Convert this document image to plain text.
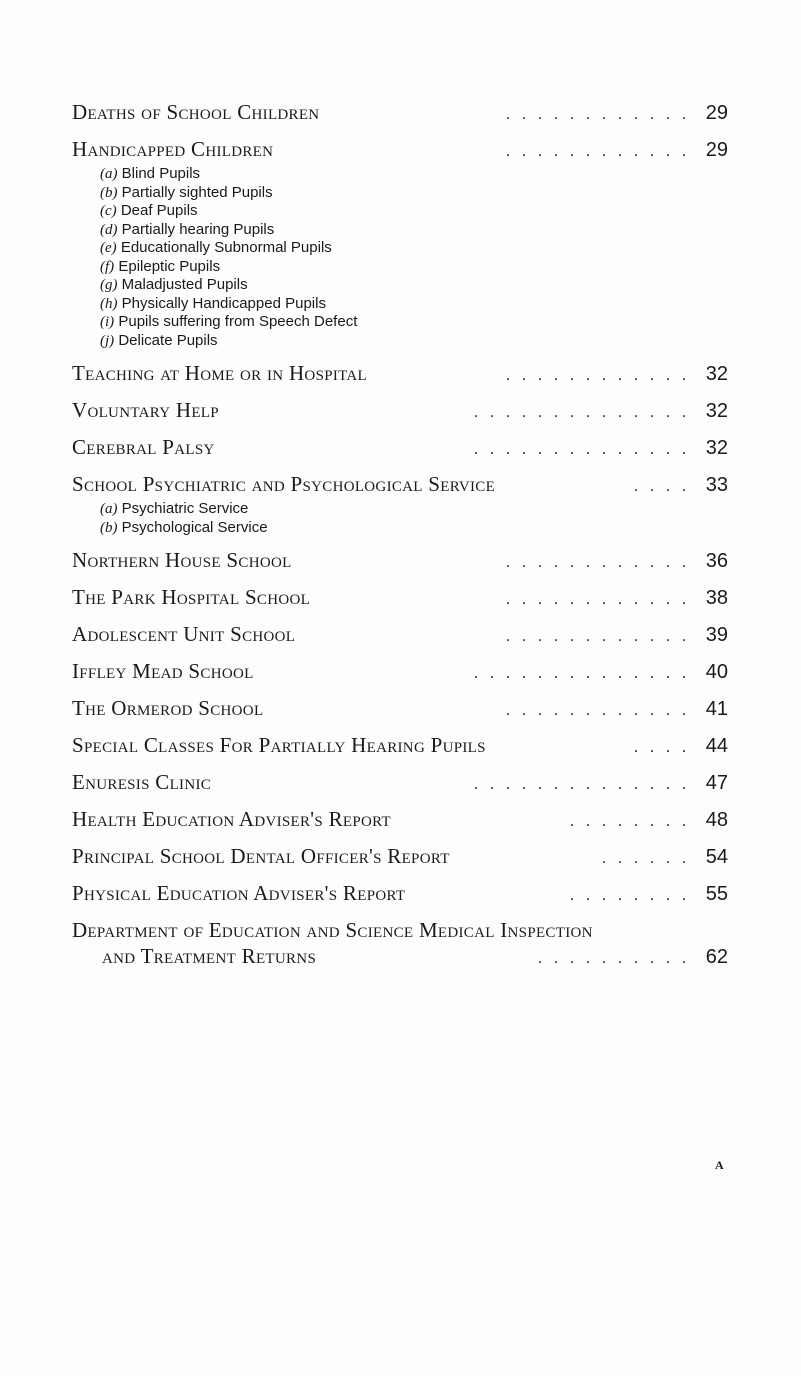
Deaths of School Children	. . . . . . . . . . . . 29
Handicapped Children	. . . . . . . . . . . . 29
(a) Blind Pupils
(b) Partially sighted Pupils
(c) Deaf Pupils
(d) Partially hearing Pupils
(e) Educationally Subnormal Pupils
(f) Epileptic Pupils
(g) Maladjusted Pupils
(h) Physically Handicapped Pupils
(i) Pupils suffering from Speech Defect
(j) Delicate Pupils
Teaching at Home or in Hospital	. . . . . . . . . . . . 32
Voluntary Help	. . . . . . . . . . . . . . 32
Cerebral Palsy	. . . . . . . . . . . . . . 32
School Psychiatric and Psychological Service	. . . . 33
(a) Psychiatric Service
(b) Psychological Service
Northern House School	. . . . . . . . . . . . 36
The Park Hospital School	. . . . . . . . . . . . 38
Adolescent Unit School	. . . . . . . . . . . . 39
Iffley Mead School	. . . . . . . . . . . . . . 40
The Ormerod School	. . . . . . . . . . . . 41
Special Classes For Partially Hearing Pupils	. . . . 44
Enuresis Clinic	. . . . . . . . . . . . . . 47
Health Education Adviser's Report	. . . . . . . . 48
Principal School Dental Officer's Report	. . . . . . 54
Physical Education Adviser's Report	. . . . . . . . 55
Department of Education and Science Medical Inspection
and Treatment Returns	. . . . . . . . . . 62
A
